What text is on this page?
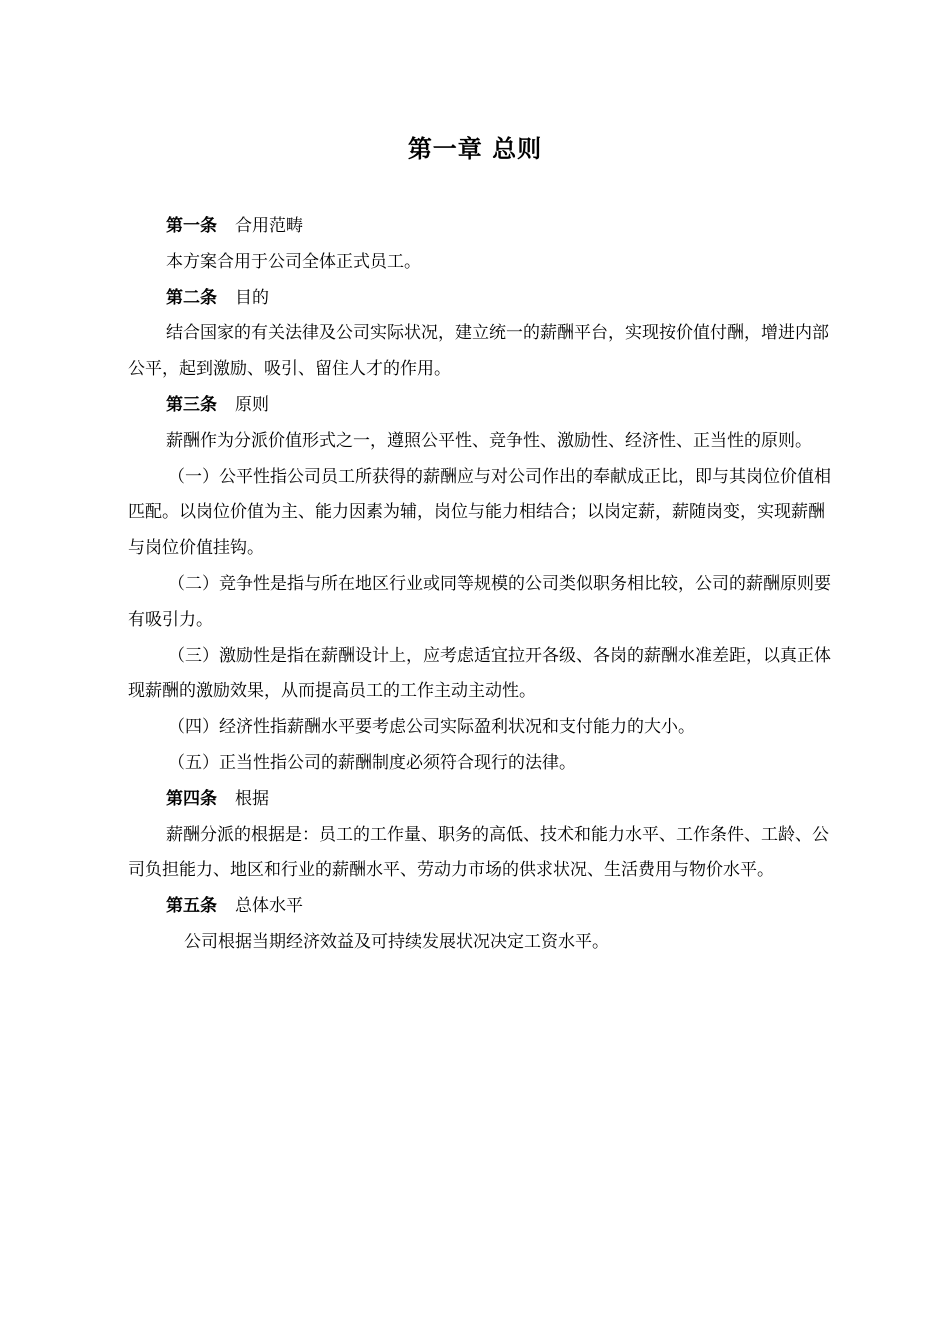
第一章 总则

第一条 合用范畴

本方案合用于公司全体正式员工。

第二条 目的

结合国家的有关法律及公司实际状况，建立统一的薪酬平台，实现按价值付酬，增进内部公平，起到激励、吸引、留住人才的作用。

第三条 原则

薪酬作为分派价值形式之一，遵照公平性、竞争性、激励性、经济性、正当性的原则。

（一）公平性指公司员工所获得的薪酬应与对公司作出的奉献成正比，即与其岗位价值相匹配。以岗位价值为主、能力因素为辅，岗位与能力相结合；以岗定薪，薪随岗变，实现薪酬与岗位价值挂钩。

（二）竞争性是指与所在地区行业或同等规模的公司类似职务相比较，公司的薪酬原则要有吸引力。

（三）激励性是指在薪酬设计上，应考虑适宜拉开各级、各岗的薪酬水准差距，以真正体现薪酬的激励效果，从而提高员工的工作主动主动性。

（四）经济性指薪酬水平要考虑公司实际盈利状况和支付能力的大小。

（五）正当性指公司的薪酬制度必须符合现行的法律。

第四条 根据

薪酬分派的根据是：员工的工作量、职务的高低、技术和能力水平、工作条件、工龄、公司负担能力、地区和行业的薪酬水平、劳动力市场的供求状况、生活费用与物价水平。

第五条 总体水平

公司根据当期经济效益及可持续发展状况决定工资水平。
